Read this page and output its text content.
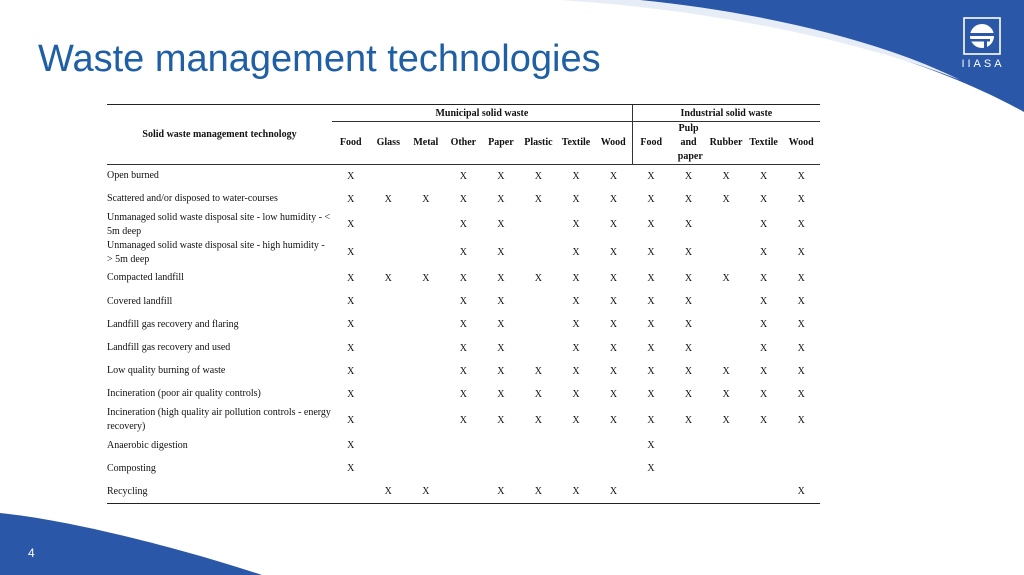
Waste management technologies	IIASA
Solid waste management technology	Municipal solid waste								Industrial solid waste				
	Food	Glass	Metal	Other	Paper	Plastic	Textile	Wood	Food	Pulp and paper	Rubber	Textile	Wood
Open burned	X			X	X	X	X	X	X	X	X	X	X
Scattered and/or disposed to water-courses	X	X	X	X	X	X	X	X	X	X	X	X	X
Unmanaged solid waste disposal site - low humidity - < 5m deep	X			X	X		X	X	X	X		X	X
Unmanaged solid waste disposal site - high humidity - > 5m deep	X			X	X		X	X	X	X		X	X
Compacted landfill	X	X	X	X	X	X	X	X	X	X	X	X	X
Covered landfill	X			X	X		X	X	X	X		X	X
Landfill gas recovery and flaring	X			X	X		X	X	X	X		X	X
Landfill gas recovery and used	X			X	X		X	X	X	X		X	X
Low quality burning of waste	X			X	X	X	X	X	X	X	X	X	X
Incineration (poor air quality controls)	X			X	X	X	X	X	X	X	X	X	X
Incineration (high quality air pollution controls - energy recovery)	X			X	X	X	X	X	X	X	X	X	X
Anaerobic digestion	X								X				
Composting	X								X				
Recycling		X	X		X	X	X	X					X
4
